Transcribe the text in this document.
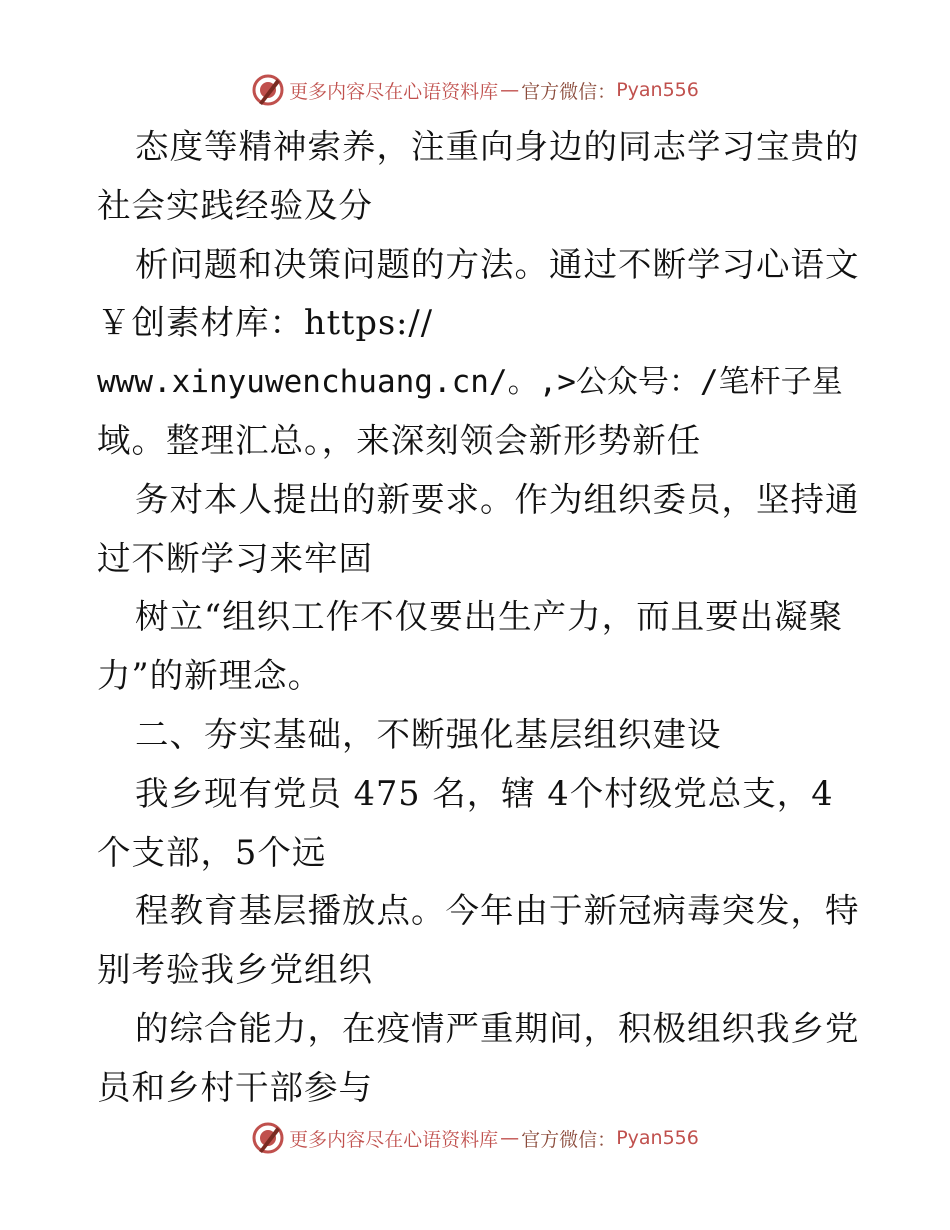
更多内容尽在心语资料库 — 官方微信： Pyan556
态度等精神索养，注重向身边的同志学习宝贵的
社会实践经验及分
析问题和决策问题的方法。通过不断学习心语文
￥创素材库：https://
www.xinyuwenchuang.cn/。,>公众号：/笔杆子星
域。整理汇总。，来深刻领会新形势新任
务对本人提出的新要求。作为组织委员，坚持通
过不断学习来牢固
树立“组织工作不仅要出生产力，而且要出凝聚
力”的新理念。
二、夯实基础，不断强化基层组织建设
我乡现有党员 475 名，辖 4个村级党总支，4
个支部，5个远
程教育基层播放点。今年由于新冠病毒突发，特
别考验我乡党组织
的综合能力，在疫情严重期间，积极组织我乡党
员和乡村干部参与
更多内容尽在心语资料库 — 官方微信： Pyan556
